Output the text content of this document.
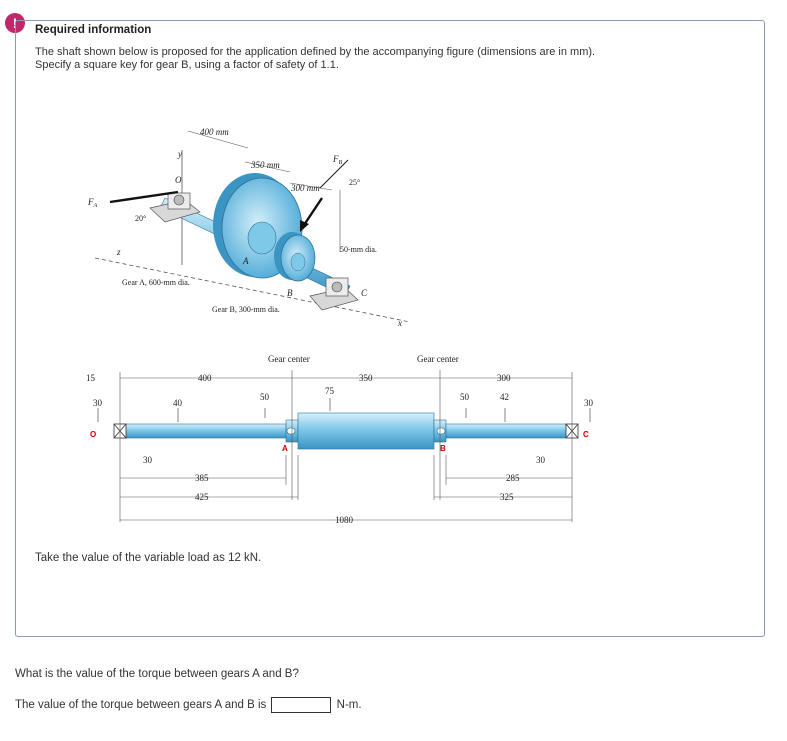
!	Required information
The shaft shown below is proposed for the application defined by the accompanying figure (dimensions are in mm).
Specify a square key for gear B, using a factor of safety of 1.1.
400 mm
350 mm
300 mm
25°
20°
$F_B$
$F_A$
O
z
y
A
B	C
x
50-mm dia.
Gear A, 600-mm dia.
Gear B, 300-mm dia.
O
A	B
C
Gear center	Gear center
15	400	350	300
30	40
50
75
50	42
30
30	30
385
425
285
325
1080
Take the value of the variable load as 12 kN.
What is the value of the torque between gears A and B?
The value of the torque between gears A and B is	N-m.
